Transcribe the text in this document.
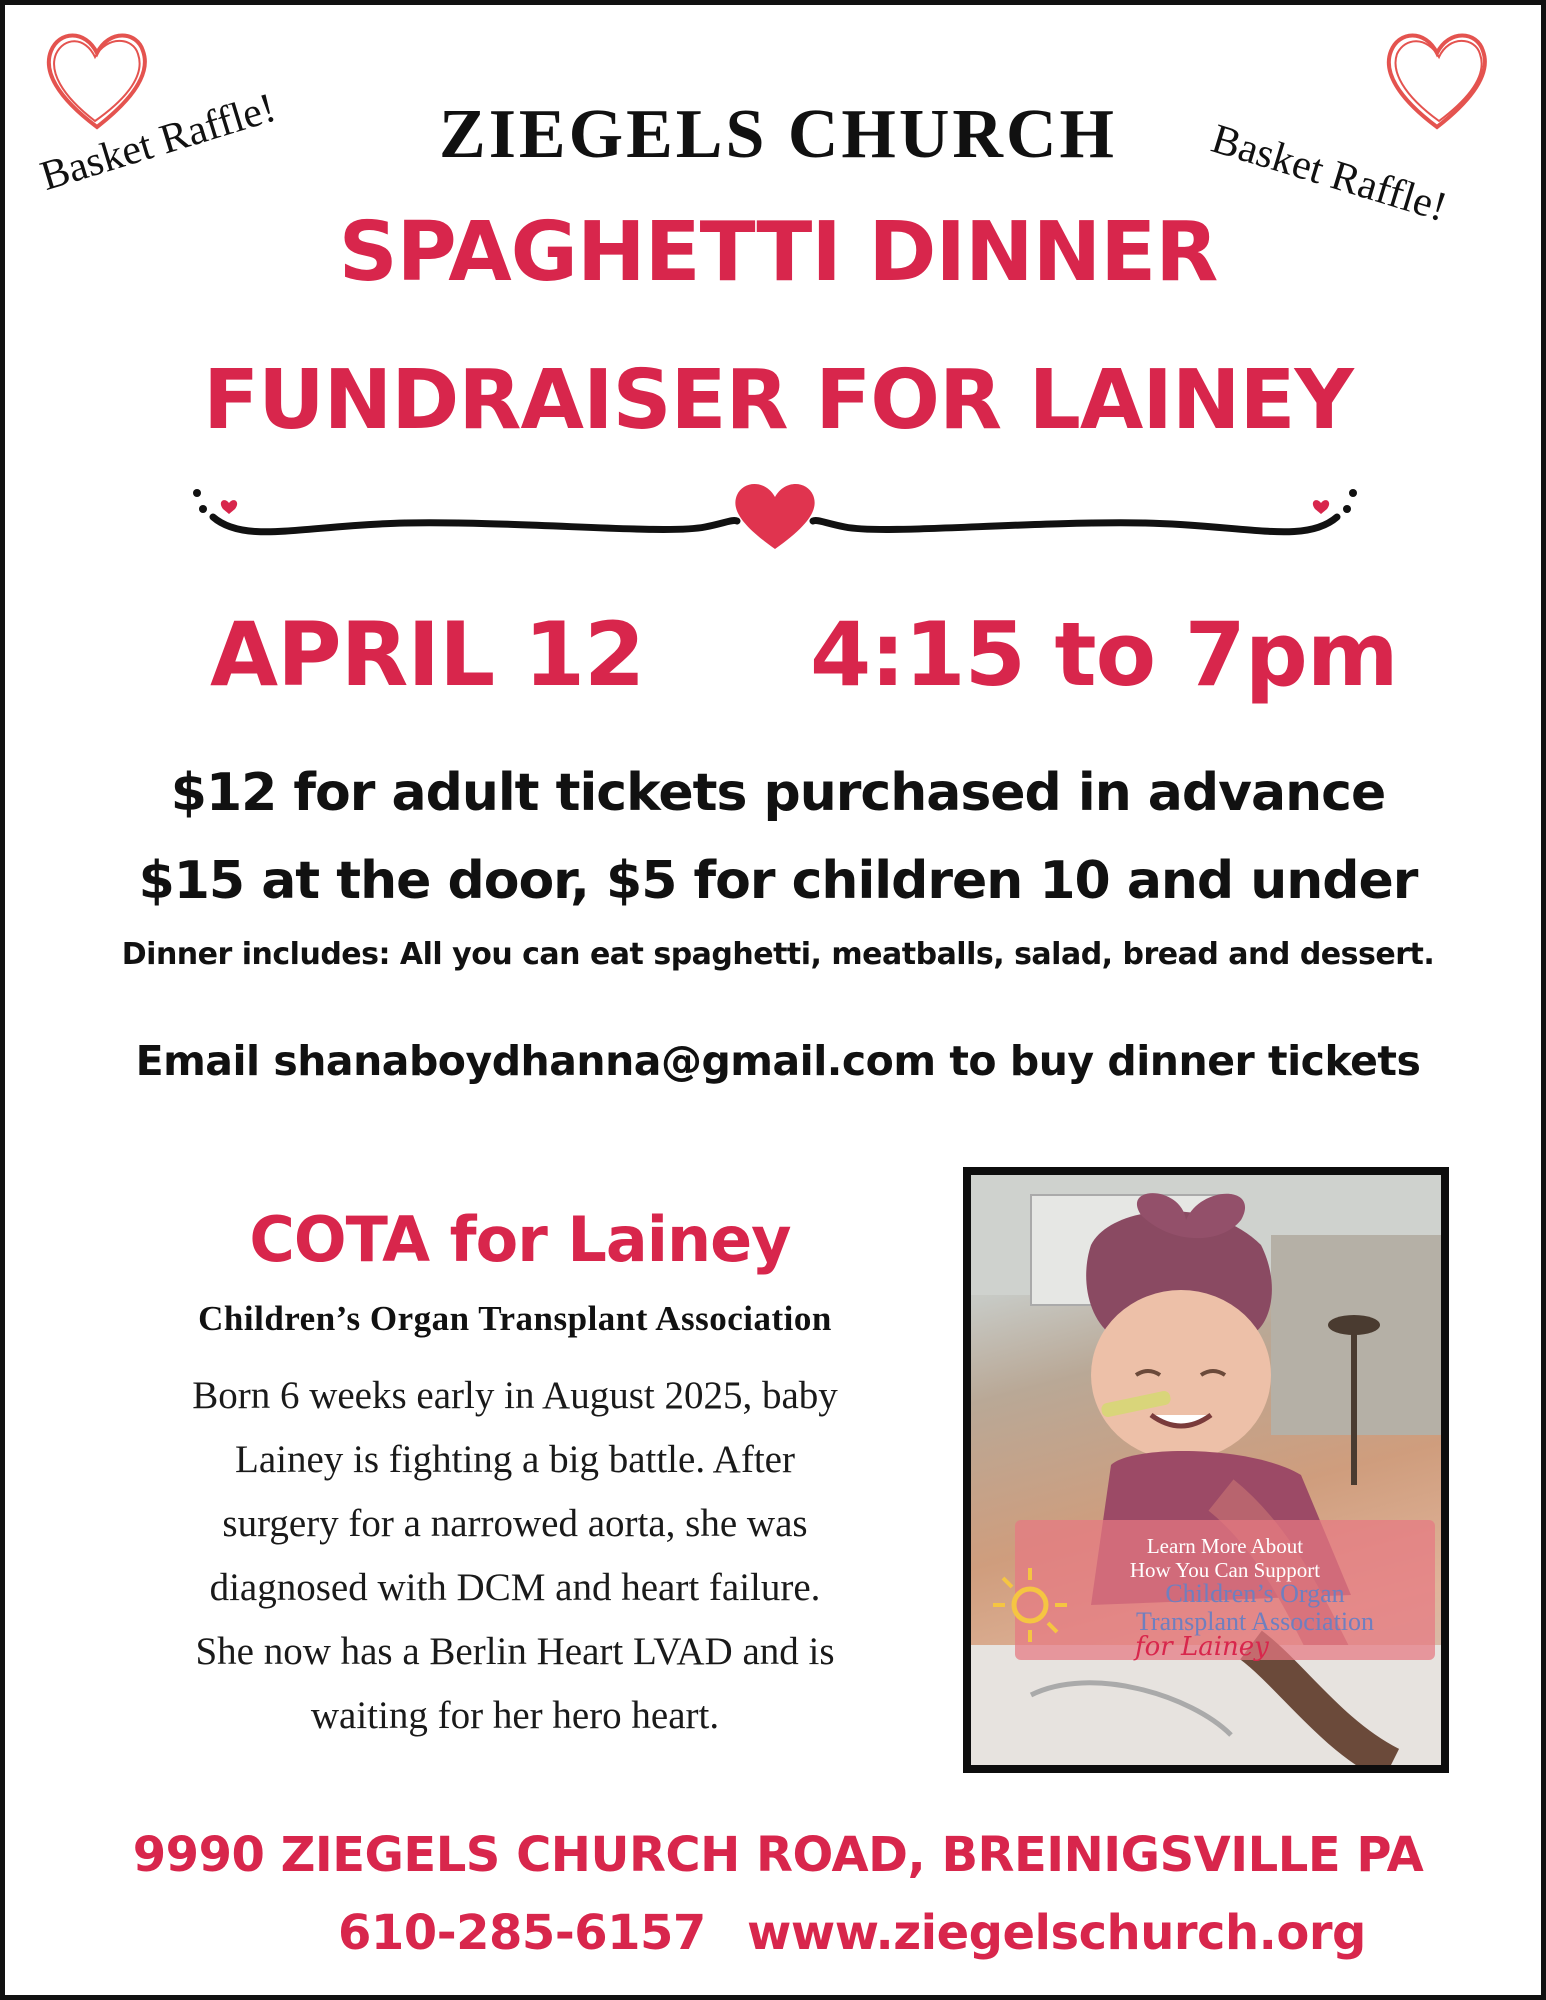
Basket Raffle!	Basket Raffle!
ZIEGELS CHURCH
SPAGHETTI DINNER
FUNDRAISER FOR LAINEY
APRIL 12 4:15 to 7pm
$12 for adult tickets purchased in advance
$15 at the door, $5 for children 10 and under
Dinner includes: All you can eat spaghetti, meatballs, salad, bread and dessert.
Email shanaboydhanna@gmail.com to buy dinner tickets
COTA for Lainey
Children’s Organ Transplant Association
Born 6 weeks early in August 2025, baby
Lainey is fighting a big battle. After
surgery for a narrowed aorta, she was
diagnosed with DCM and heart failure.
She now has a Berlin Heart LVAD and is
waiting for her hero heart.
Learn More About
How You Can Support
Children’s Organ
Transplant Association
for Lainey
9990 ZIEGELS CHURCH ROAD, BREINIGSVILLE PA
610-285-6157 www.ziegelschurch.org
